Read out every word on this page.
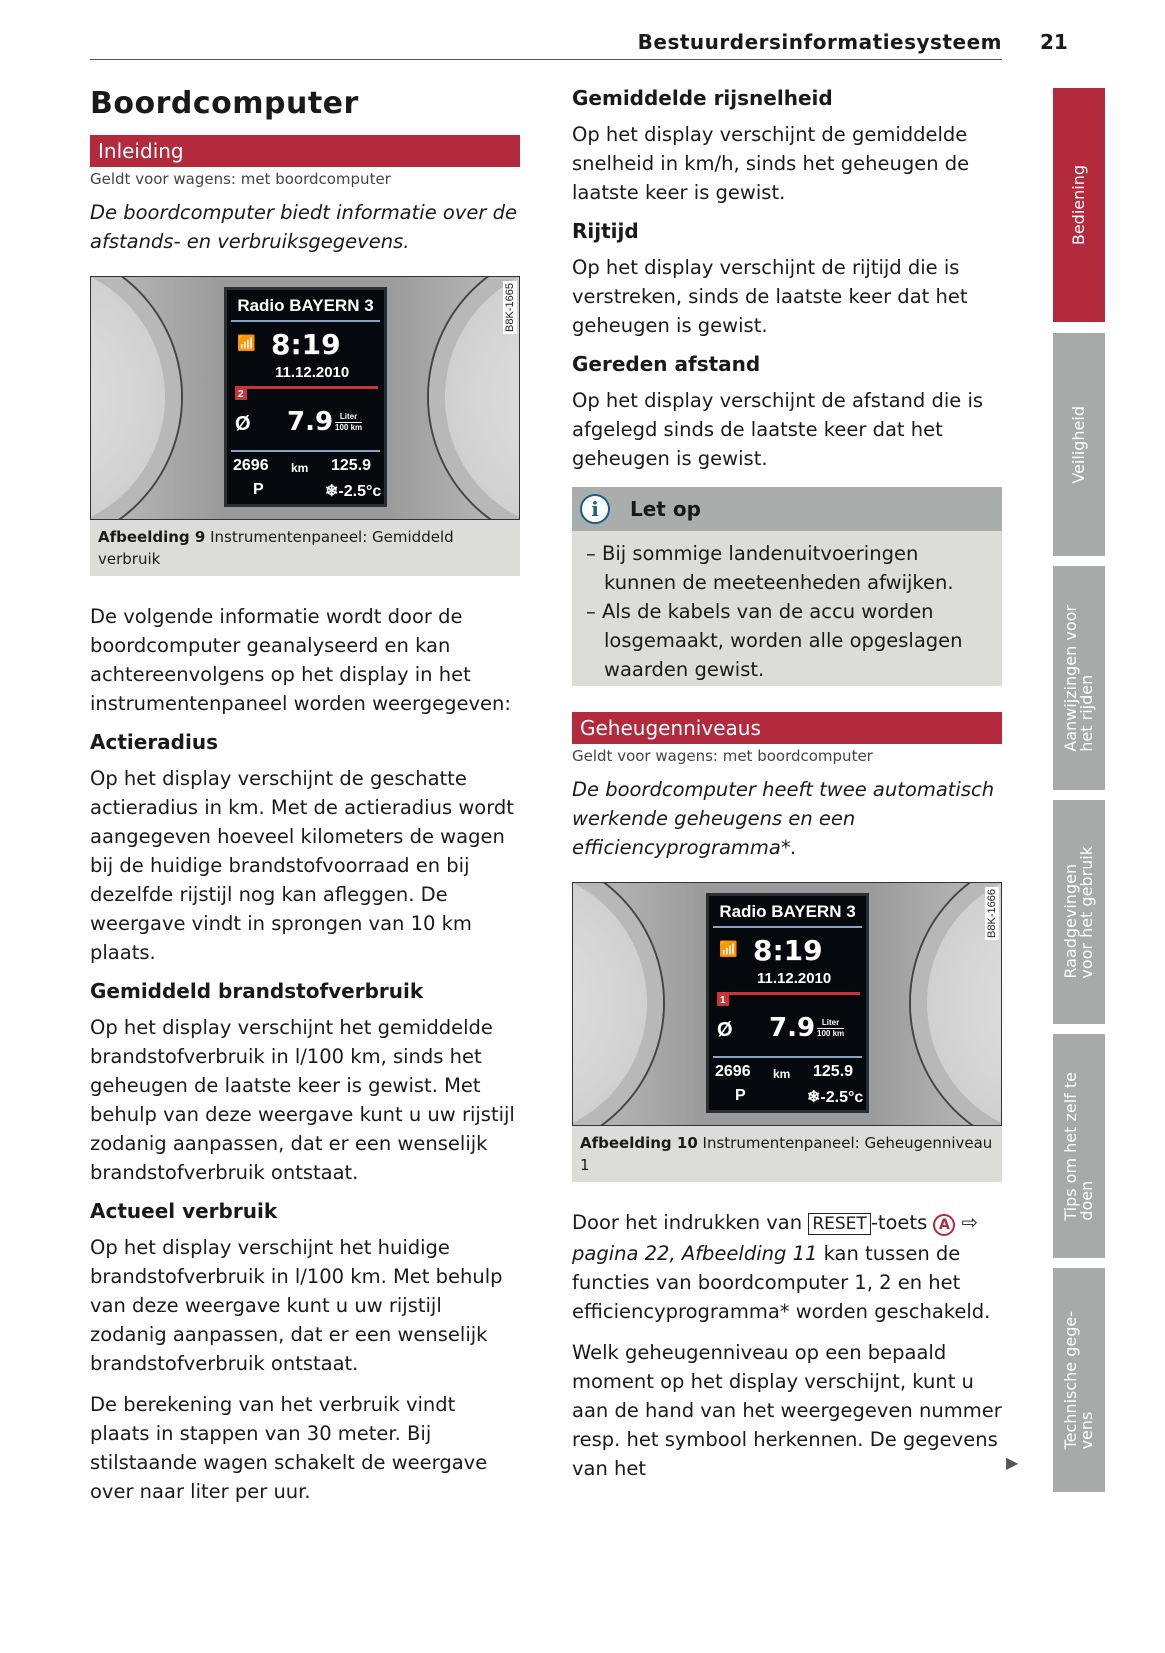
Bestuurdersinformatiesysteem 21
Boordcomputer
Inleiding
Geldt voor wagens: met boordcomputer
De boordcomputer biedt informatie over de afstands- en verbruiksgegevens.
Radio BAYERN 3
📶 8:19
11.12.2010
2
Ø 7.9 Liter
100 km
2696 km 125.9
P	❄-2.5°c
B8K-1665
Afbeelding 9 Instrumentenpaneel: Gemiddeld verbruik

De volgende informatie wordt door de boordcomputer geanalyseerd en kan achtereenvolgens op het display in het instrumentenpaneel worden weergegeven:

Actieradius

Op het display verschijnt de geschatte actieradius in km. Met de actieradius wordt aangegeven hoeveel kilometers de wagen bij de huidige brandstofvoorraad en bij dezelfde rijstijl nog kan afleggen. De weergave vindt in sprongen van 10 km plaats.

Gemiddeld brandstofverbruik

Op het display verschijnt het gemiddelde brandstofverbruik in l/100 km, sinds het geheugen de laatste keer is gewist. Met behulp van deze weergave kunt u uw rijstijl zodanig aanpassen, dat er een wenselijk brandstofverbruik ontstaat.

Actueel verbruik

Op het display verschijnt het huidige brandstofverbruik in l/100 km. Met behulp van deze weergave kunt u uw rijstijl zodanig aanpassen, dat er een wenselijk brandstofverbruik ontstaat.

De berekening van het verbruik vindt plaats in stappen van 30 meter. Bij stilstaande wagen schakelt de weergave over naar liter per uur.

Gemiddelde rijsnelheid

Op het display verschijnt de gemiddelde snelheid in km/h, sinds het geheugen de laatste keer is gewist.

Rijtijd

Op het display verschijnt de rijtijd die is verstreken, sinds de laatste keer dat het geheugen is gewist.

Gereden afstand

Op het display verschijnt de afstand die is afgelegd sinds de laatste keer dat het geheugen is gewist.

i	Let op
– Bij sommige landenuitvoeringen kunnen de meeteenheden afwijken.
– Als de kabels van de accu worden losgemaakt, worden alle opgeslagen waarden gewist.
Geheugenniveaus
Geldt voor wagens: met boordcomputer
De boordcomputer heeft twee automatisch werkende geheugens en een efficiencyprogramma*.
Radio BAYERN 3
📶 8:19
11.12.2010
1
Ø 7.9 Liter
100 km
2696 km 125.9
P	❄-2.5°c
B8K-1666
Afbeelding 10 Instrumentenpaneel: Geheugenniveau 1

Door het indrukken van RESET -toets A ⇨ pagina 22, Afbeelding 11 kan tussen de functies van boordcomputer 1, 2 en het efficiencyprogramma* worden geschakeld.

Welk geheugenniveau op een bepaald moment op het display verschijnt, kunt u aan de hand van het weergegeven nummer resp. het symbool herkennen. De gegevens van het	▶
Bediening
Veiligheid
Aanwijzingen voor
het rijden
Raadgevingen
voor het gebruik
Tips om het zelf te
doen
Technische gege-
vens
